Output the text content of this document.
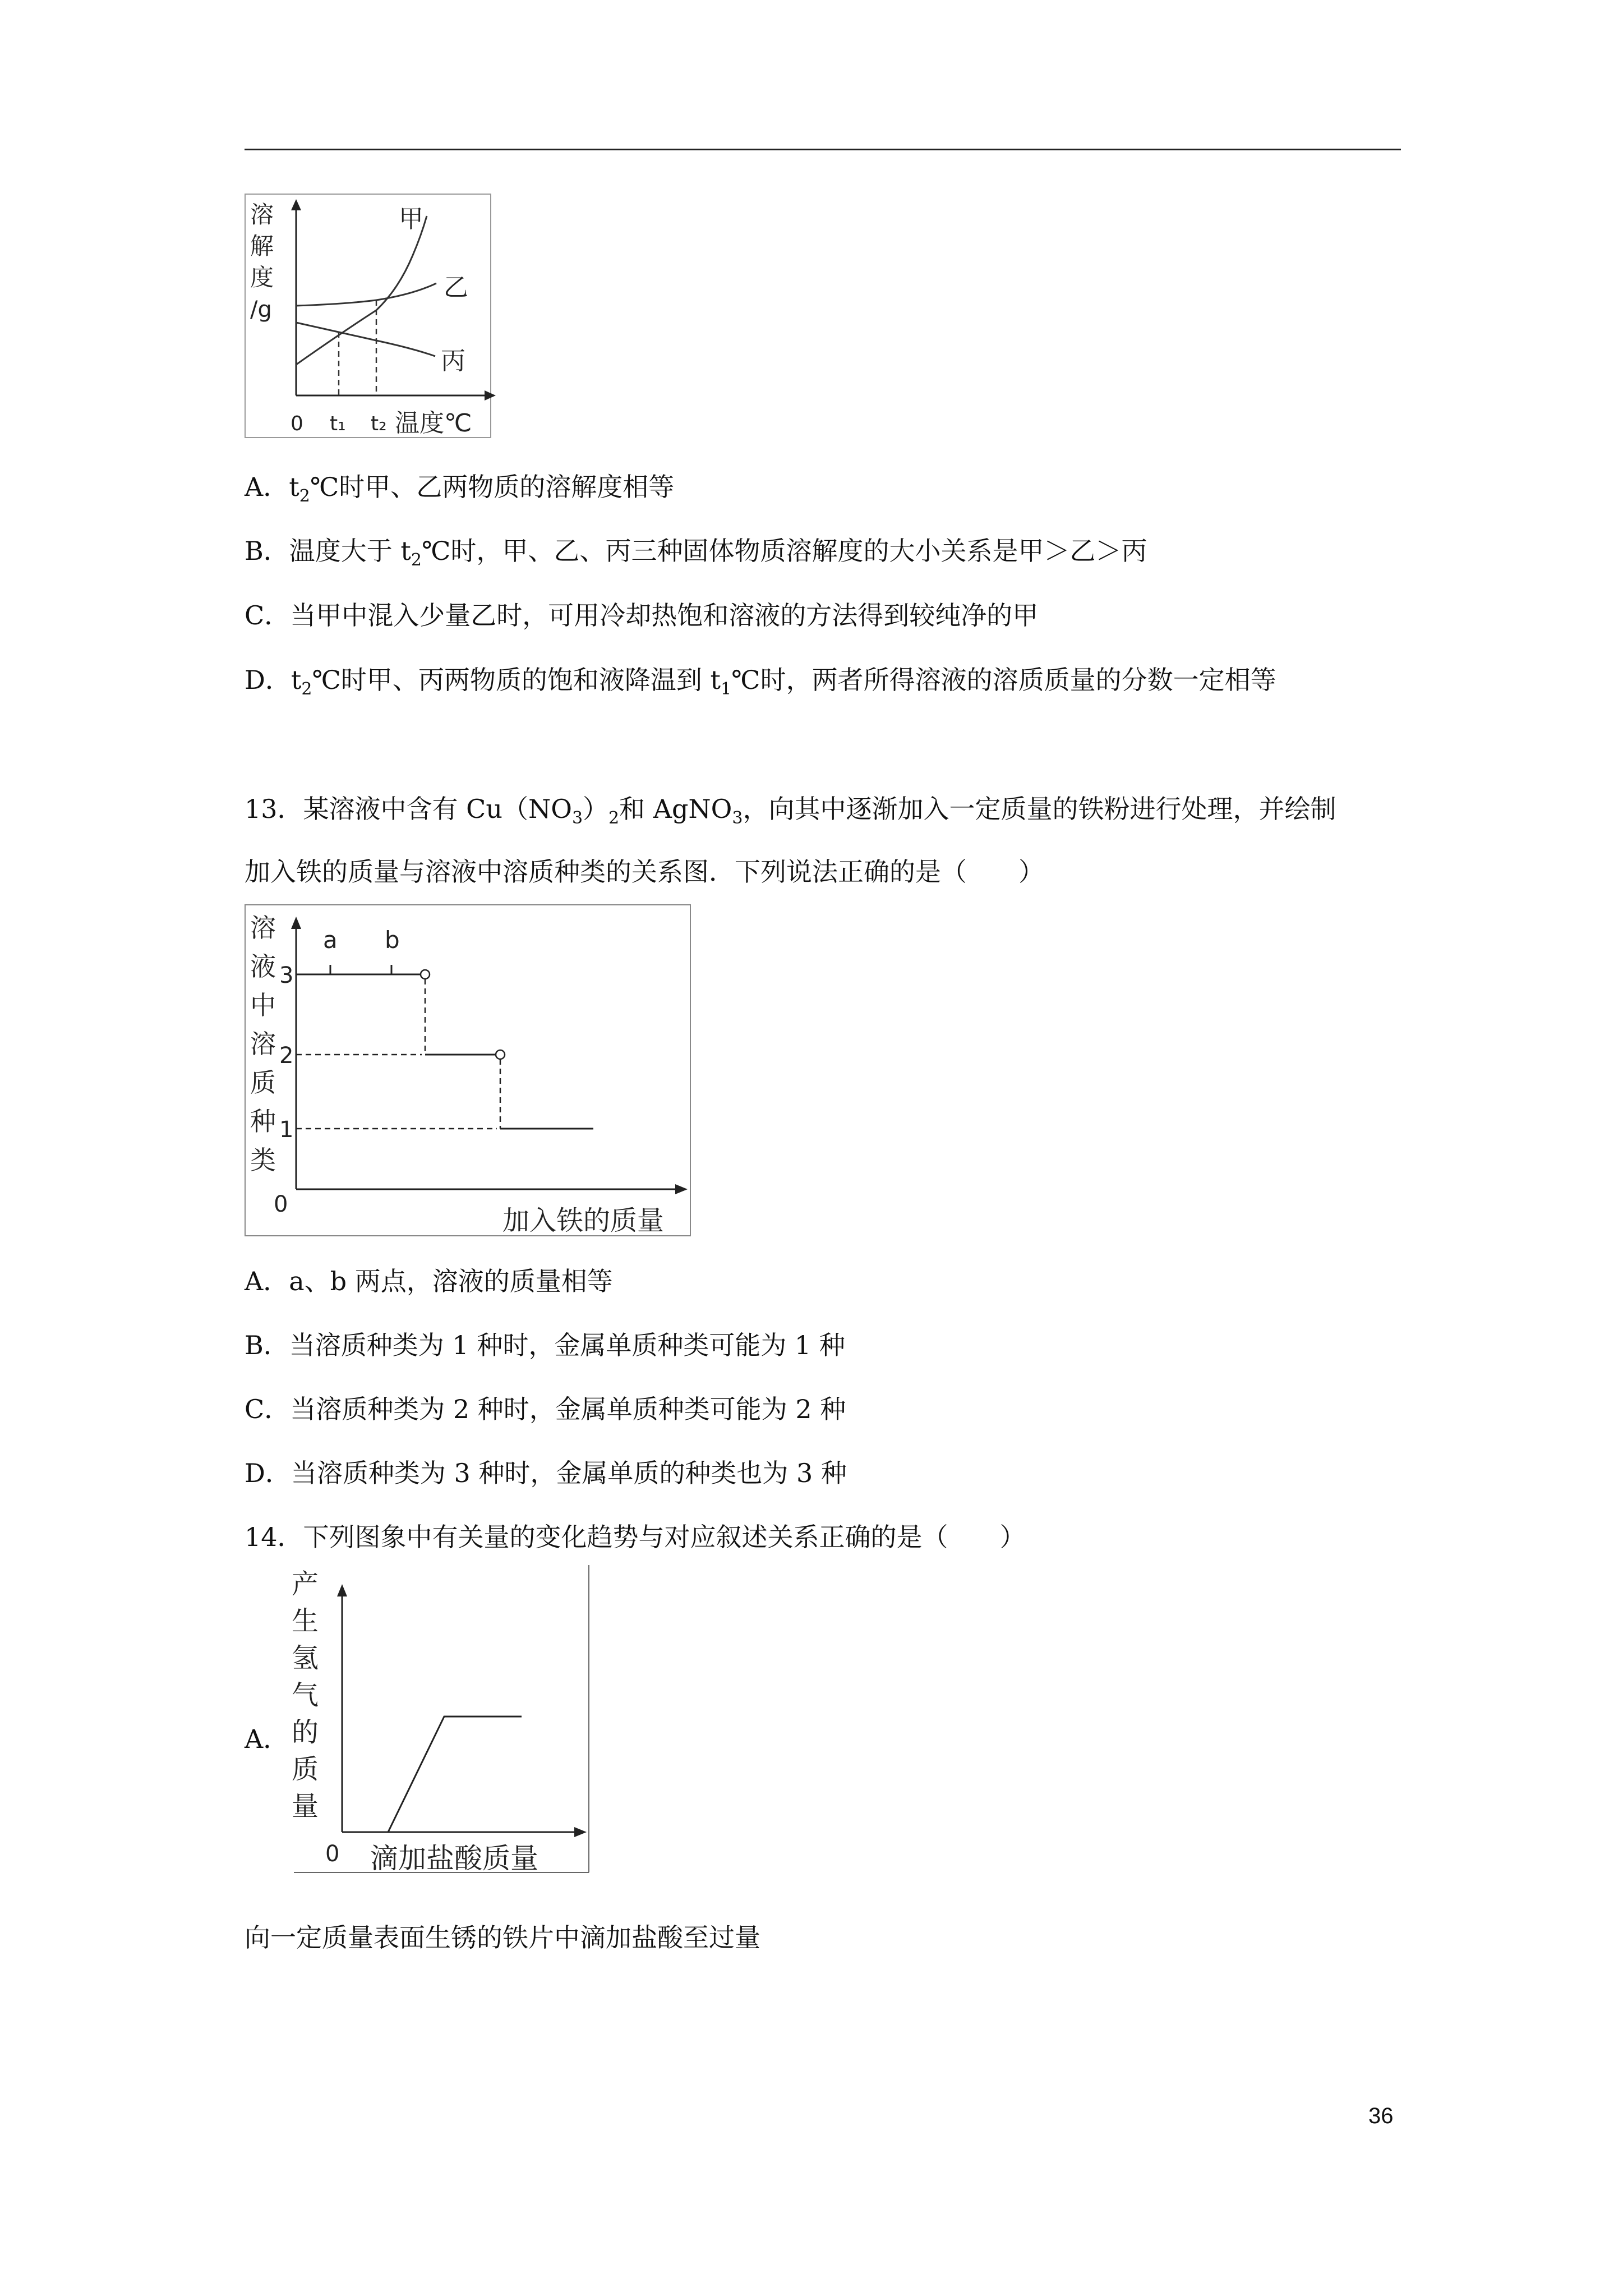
溶
解
度
/g
甲
乙
丙
0 t₁ t₂ 温度℃
A．$t_2℃$时甲、乙两物质的溶解度相等
B．温度大于 $t_2℃$时，甲、乙、丙三种固体物质溶解度的大小关系是甲＞乙＞丙
C．当甲中混入少量乙时，可用冷却热饱和溶液的方法得到较纯净的甲
D．$t_2℃$时甲、丙两物质的饱和液降温到 $t_1℃$时，两者所得溶液的溶质质量的分数一定相等
13．某溶液中含有 $Cu(NO_3)_2$和 AgNO$_3$，向其中逐渐加入一定质量的铁粉进行处理，并绘制
加入铁的质量与溶液中溶质种类的关系图．下列说法正确的是（　　）
a b
3
2
1
溶
液
中
溶
质
种
类
0
加入铁的质量
A．a、b 两点，溶液的质量相等
B．当溶质种类为 1 种时，金属单质种类可能为 1 种
C．当溶质种类为 2 种时，金属单质种类可能为 2 种
D．当溶质种类为 3 种时，金属单质的种类也为 3 种
14．下列图象中有关量的变化趋势与对应叙述关系正确的是（　　）
A．
产
生
氢
气
的
质
量
0 滴加盐酸质量
向一定质量表面生锈的铁片中滴加盐酸至过量
36
